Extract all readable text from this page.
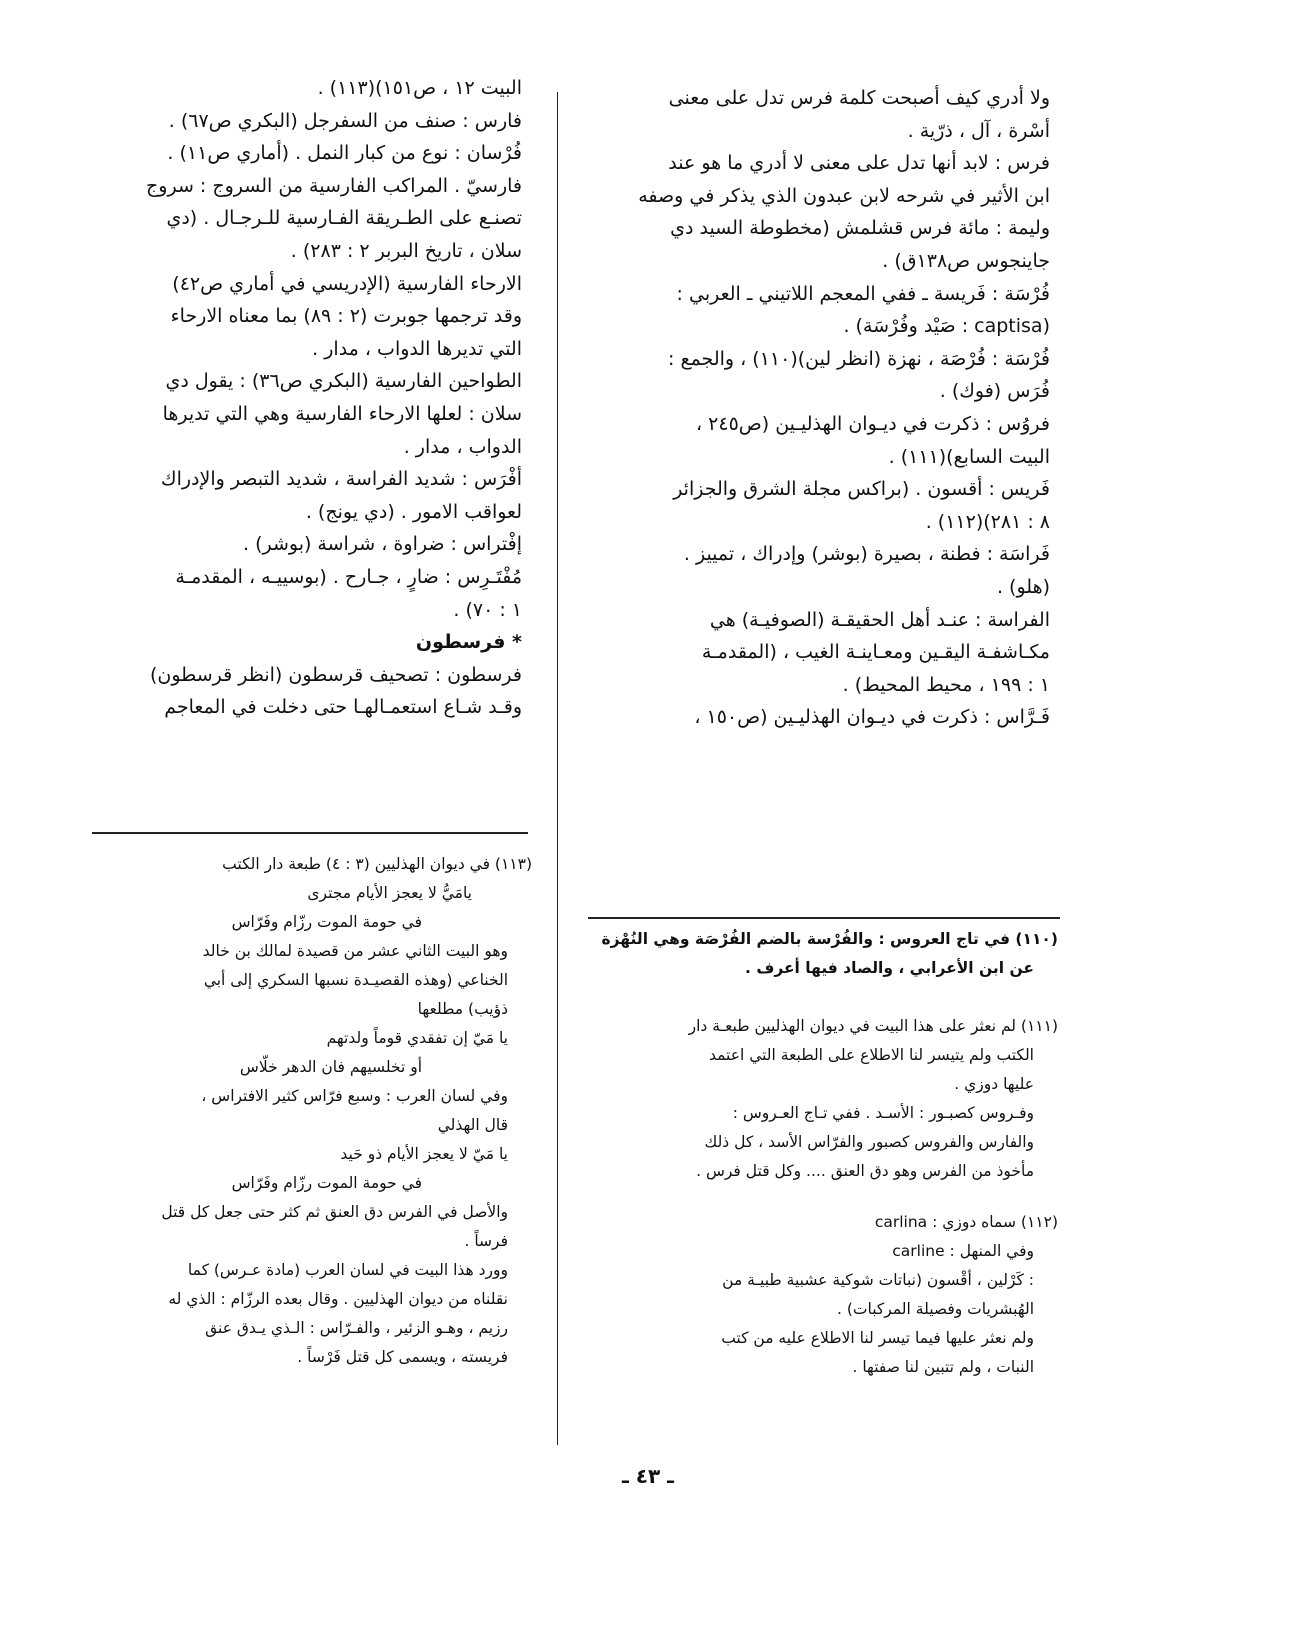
ولا أدري كيف أصبحت كلمة فرس تدل على معنى

أسْرة ، آل ، ذرّية .

فرس : لابد أنها تدل على معنى لا أدري ما هو عند

ابن الأثير في شرحه لابن عبدون الذي يذكر في وصفه

وليمة : مائة فرس قشلمش (مخطوطة السيد دي

جاينجوس ص١٣٨ق) .

فُرْسَة : فَريسة ـ ففي المعجم اللاتيني ـ العربي :

(captisa : صَيْد وفُرْسَة) .

فُرْسَة : فُرْصَة ، نهزة (انظر لين)(١١٠) ، والجمع :

فُرَس (فوك) .

فروُس : ذكرت في ديـوان الهذليـين (ص٢٤٥ ،

البيت السابع)(١١١) .

فَريس : أقسون . (براكس مجلة الشرق والجزائر

٨ : ٢٨١)(١١٢) .

فَراسَة : فطنة ، بصيرة (بوشر) وإدراك ، تمييز .

(هلو) .

الفراسة : عنـد أهل الحقيقـة (الصوفيـة) هي

مكـاشفـة اليقـين ومعـاينـة الغيب ، (المقدمـة

١ : ١٩٩ ، محيط المحيط) .

فَـرَّاس : ذكرت في ديـوان الهذليـين (ص١٥٠ ،

البيت ١٢ ، ص١٥١)(١١٣) .

فارس : صنف من السفرجل (البكري ص٦٧) .

فُرْسان : نوع من كبار النمل . (أماري ص١١) .

فارسيّ . المراكب الفارسية من السروج : سروج

تصنـع على الطـريقة الفـارسية للـرجـال . (دي

سلان ، تاريخ البربر ٢ : ٢٨٣) .

الارحاء الفارسية (الإدريسي في أماري ص٤٢)

وقد ترجمها جوبرت (٢ : ٨٩) بما معناه الارحاء

التي تديرها الدواب ، مدار .

الطواحين الفارسية (البكري ص٣٦) : يقول دي

سلان : لعلها الارحاء الفارسية وهي التي تديرها

الدواب ، مدار .

أفْرَس : شديد الفراسة ، شديد التبصر والإدراك

لعواقب الامور . (دي يونج) .

إفْتراس : ضراوة ، شراسة (بوشر) .

مُفْتَـرِس : ضارٍ ، جـارح . (بوسييـه ، المقدمـة

١ : ٧٠) .

* فرسطون

فرسطون : تصحيف قرسطون (انظر قرسطون)

وقـد شـاع استعمـالهـا حتى دخلت في المعاجم

(١١٣) في ديوان الهذليين (٣ : ٤) طبعة دار الكتب

يامَيُّ لا يعجز الأيام مجترى

في حومة الموت رزّام وفَرّاس

وهو البيت الثاني عشر من قصيدة لمالك بن خالد

الخناعي (وهذه القصيـدة نسبها السكري إلى أبي

ذؤيب) مطلعها

يا مَيّ إن تفقدي قوماً ولدتهم

أو تخلسيهم فان الدهر خلّاس

وفي لسان العرب : وسبع فرّاس كثير الافتراس ،

قال الهذلي

يا مَيّ لا يعجز الأيام ذو حَيد

في حومة الموت رزّام وفَرّاس

والأصل في الفرس دق العنق ثم كثر حتى جعل كل قتل

فرساً .

وورد هذا البيت في لسان العرب (مادة عـرس) كما

نقلناه من ديوان الهذليين . وقال بعده الرزّام : الذي له

رزيم ، وهـو الزئير ، والفـرّاس : الـذي يـدق عنق

فريسته ، ويسمى كل قتل فَرْساً .

(١١٠) في تاج العروس : والفُرْسة بالضم الفُرْصَة وهي النُهْزة

عن ابن الأعرابي ، والصاد فيها أعرف .

(١١١) لم نعثر على هذا البيت في ديوان الهذليين طبعـة دار

الكتب ولم يتيسر لنا الاطلاع على الطبعة التي اعتمد

عليها دوزي .

وفـروس كصبـور : الأسـد . ففي تـاج العـروس :

والفارس والفروس كصبور والفرّاس الأسد ، كل ذلك

مأخوذ من الفرس وهو دق العنق .... وكل قتل فرس .

(١١٢) سماه دوزي : carlina

وفي المنهل : carline

: كَرْلين ، أقْسون (نباتات شوكية عشبية طبيـة من

الهُبشريات وفصيلة المركبات) .

ولم نعثر عليها فيما تيسر لنا الاطلاع عليه من كتب

النبات ، ولم تتبين لنا صفتها .

ـ ٤٣ ـ
